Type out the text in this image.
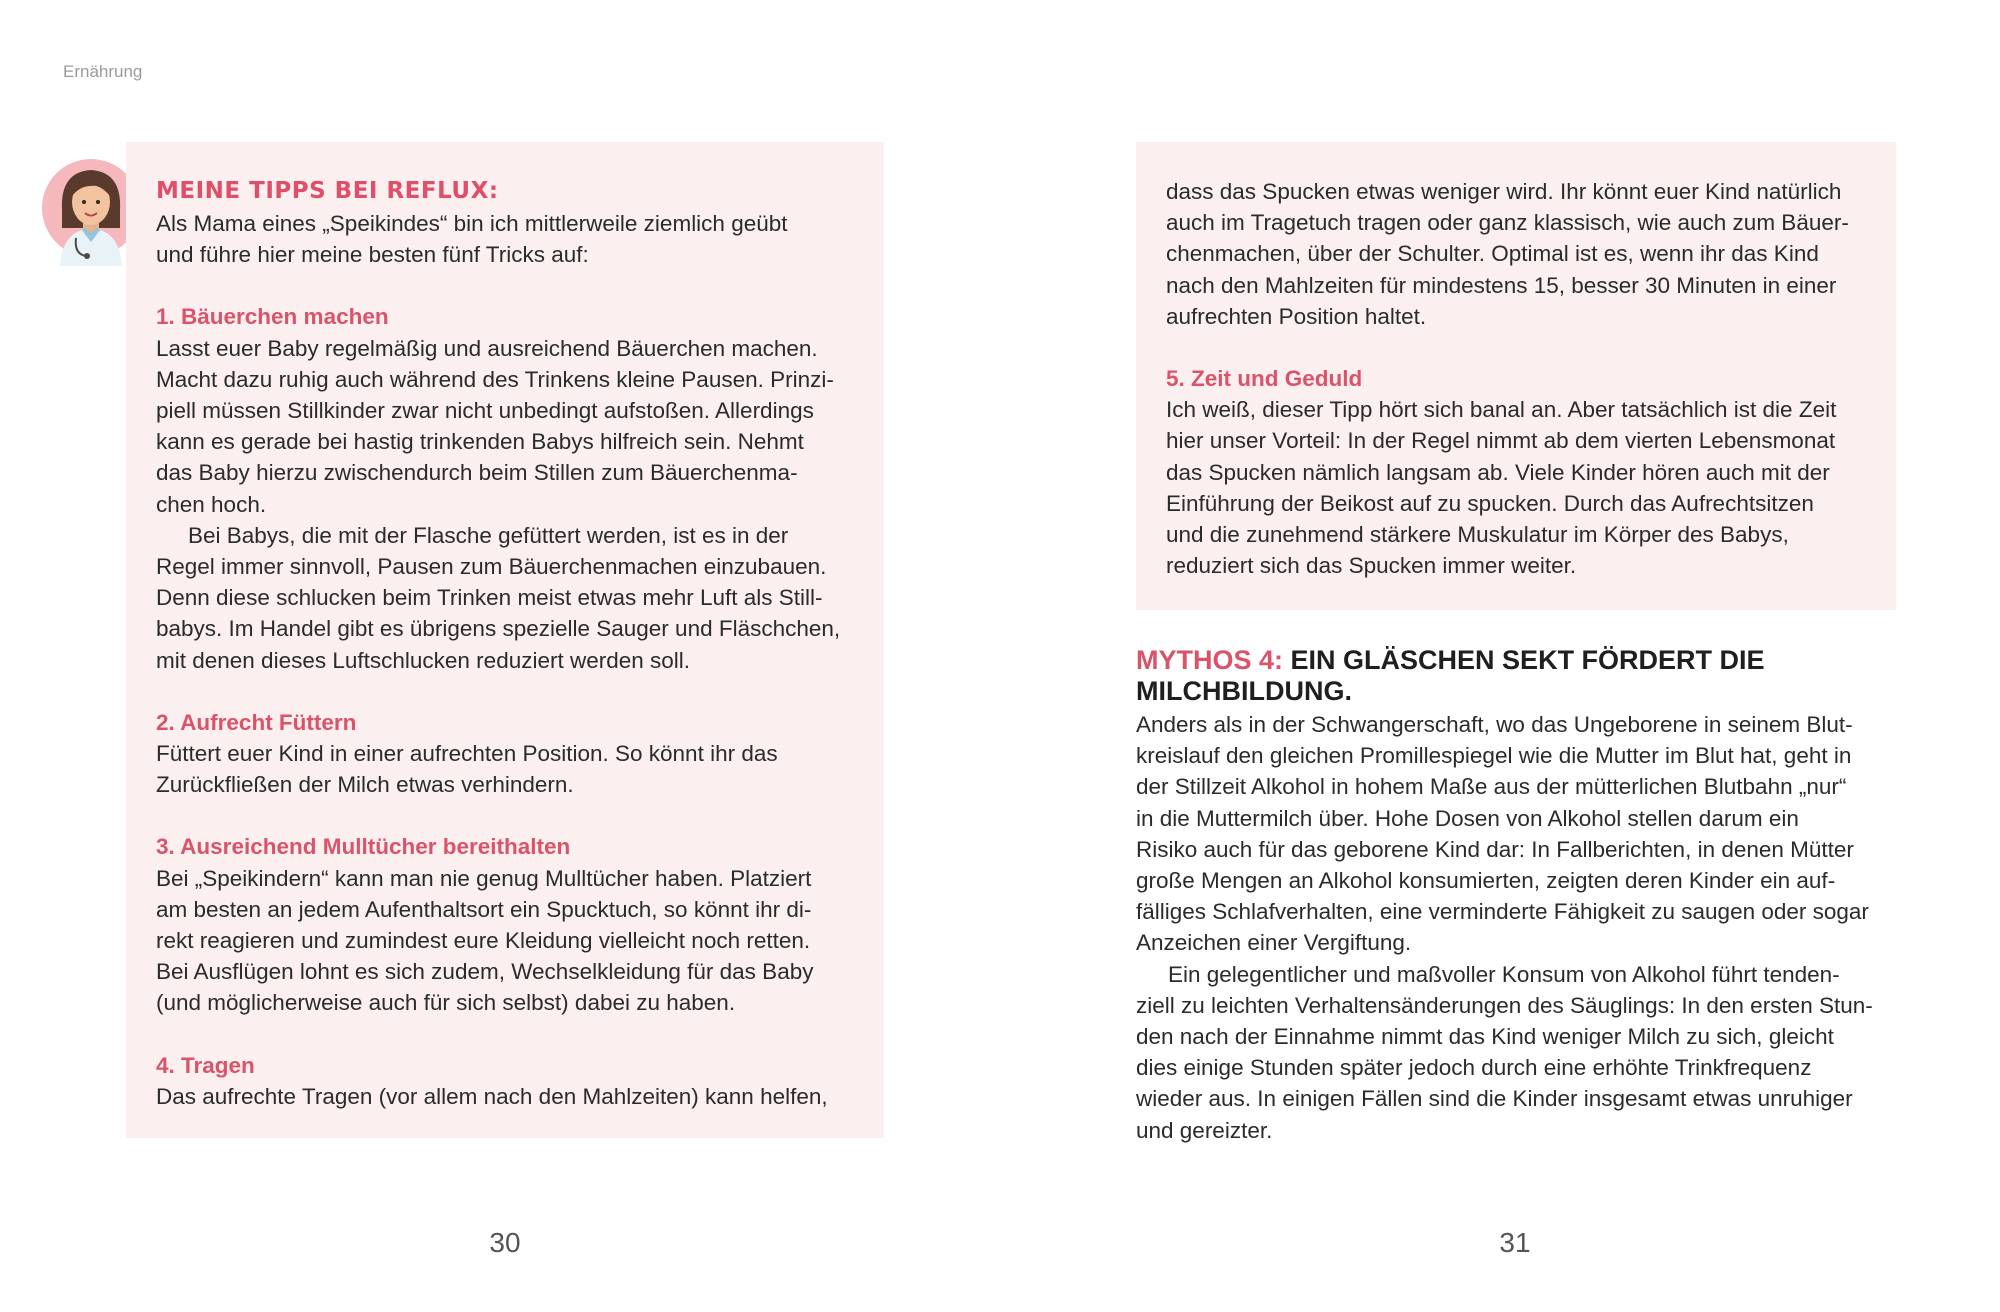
Ernährung

MEINE TIPPS BEI REFLUX:

Als Mama eines „Speikindes“ bin ich mittlerweile ziemlich geübt
und führe hier meine besten fünf Tricks auf:

1. Bäuerchen machen

Lasst euer Baby regelmäßig und ausreichend Bäuerchen machen.
Macht dazu ruhig auch während des Trinkens kleine Pausen. Prinzi-
piell müssen Stillkinder zwar nicht unbedingt aufstoßen. Allerdings
kann es gerade bei hastig trinkenden Babys hilfreich sein. Nehmt
das Baby hierzu zwischendurch beim Stillen zum Bäuerchenma-
chen hoch.

Bei Babys, die mit der Flasche gefüttert werden, ist es in der
Regel immer sinnvoll, Pausen zum Bäuerchenmachen einzubauen.
Denn diese schlucken beim Trinken meist etwas mehr Luft als Still-
babys. Im Handel gibt es übrigens spezielle Sauger und Fläschchen,
mit denen dieses Luftschlucken reduziert werden soll.

2. Aufrecht Füttern

Füttert euer Kind in einer aufrechten Position. So könnt ihr das
Zurückfließen der Milch etwas verhindern.

3. Ausreichend Mulltücher bereithalten

Bei „Speikindern“ kann man nie genug Mulltücher haben. Platziert
am besten an jedem Aufenthaltsort ein Spucktuch, so könnt ihr di-
rekt reagieren und zumindest eure Kleidung vielleicht noch retten.
Bei Ausflügen lohnt es sich zudem, Wechselkleidung für das Baby
(und möglicherweise auch für sich selbst) dabei zu haben.

4. Tragen

Das aufrechte Tragen (vor allem nach den Mahlzeiten) kann helfen,

dass das Spucken etwas weniger wird. Ihr könnt euer Kind natürlich
auch im Tragetuch tragen oder ganz klassisch, wie auch zum Bäuer-
chenmachen, über der Schulter. Optimal ist es, wenn ihr das Kind
nach den Mahlzeiten für mindestens 15, besser 30 Minuten in einer
aufrechten Position haltet.

5. Zeit und Geduld

Ich weiß, dieser Tipp hört sich banal an. Aber tatsächlich ist die Zeit
hier unser Vorteil: In der Regel nimmt ab dem vierten Lebensmonat
das Spucken nämlich langsam ab. Viele Kinder hören auch mit der
Einführung der Beikost auf zu spucken. Durch das Aufrechtsitzen
und die zunehmend stärkere Muskulatur im Körper des Babys,
reduziert sich das Spucken immer weiter.

MYTHOS 4: EIN GLÄSCHEN SEKT FÖRDERT DIE
MILCHBILDUNG.

Anders als in der Schwangerschaft, wo das Ungeborene in seinem Blut-
kreislauf den gleichen Promillespiegel wie die Mutter im Blut hat, geht in
der Stillzeit Alkohol in hohem Maße aus der mütterlichen Blutbahn „nur“
in die Muttermilch über. Hohe Dosen von Alkohol stellen darum ein
Risiko auch für das geborene Kind dar: In Fallberichten, in denen Mütter
große Mengen an Alkohol konsumierten, zeigten deren Kinder ein auf-
fälliges Schlafverhalten, eine verminderte Fähigkeit zu saugen oder sogar
Anzeichen einer Vergiftung.

Ein gelegentlicher und maßvoller Konsum von Alkohol führt tenden-
ziell zu leichten Verhaltensänderungen des Säuglings: In den ersten Stun-
den nach der Einnahme nimmt das Kind weniger Milch zu sich, gleicht
dies einige Stunden später jedoch durch eine erhöhte Trinkfrequenz
wieder aus. In einigen Fällen sind die Kinder insgesamt etwas unruhiger
und gereizter.

30	31
